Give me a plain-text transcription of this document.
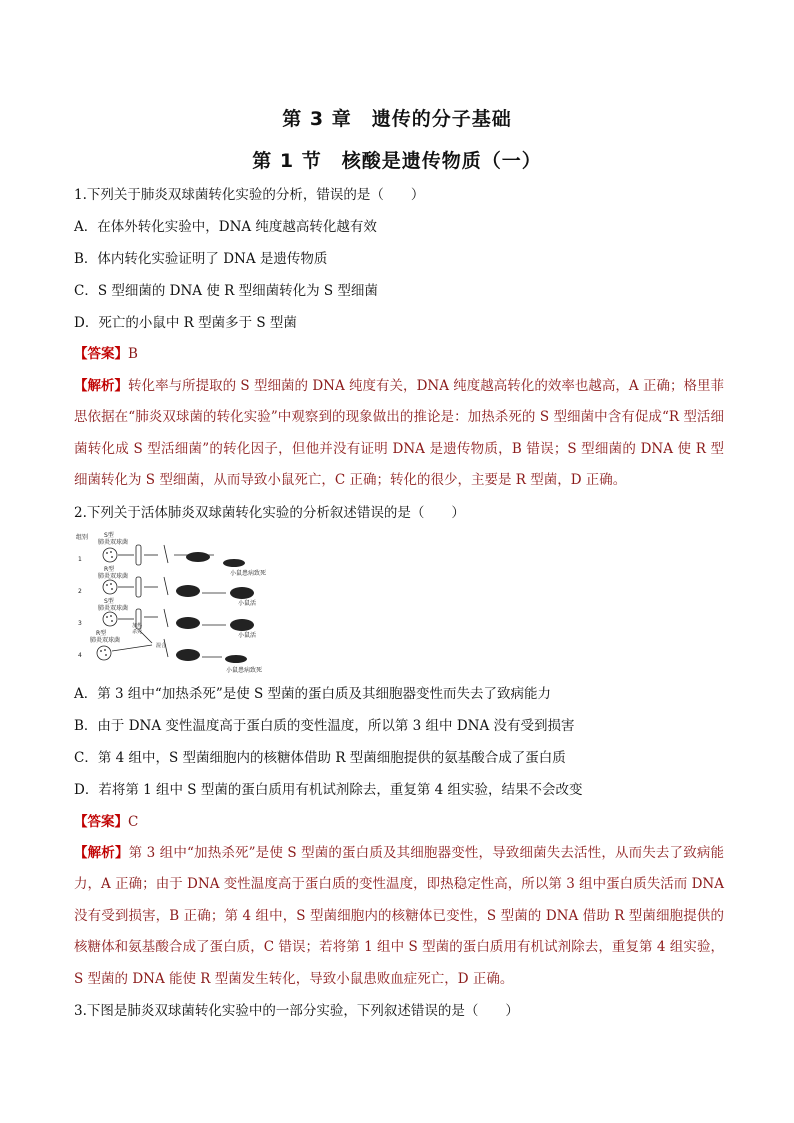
第 3 章　遗传的分子基础
第 1 节　核酸是遗传物质（一）
1.下列关于肺炎双球菌转化实验的分析，错误的是（　　）
A．在体外转化实验中，DNA 纯度越高转化越有效
B．体内转化实验证明了 DNA 是遗传物质
C．S 型细菌的 DNA 使 R 型细菌转化为 S 型细菌
D．死亡的小鼠中 R 型菌多于 S 型菌
【答案】B
【解析】转化率与所提取的 S 型细菌的 DNA 纯度有关，DNA 纯度越高转化的效率也越高，A 正确；格里菲思依据在“肺炎双球菌的转化实验”中观察到的现象做出的推论是：加热杀死的 S 型细菌中含有促成“R 型活细菌转化成 S 型活细菌”的转化因子，但他并没有证明 DNA 是遗传物质，B 错误；S 型细菌的 DNA 使 R 型细菌转化为 S 型细菌，从而导致小鼠死亡，C 正确；转化的很少，主要是 R 型菌，D 正确。
2.下列关于活体肺炎双球菌转化实验的分析叙述错误的是（　　）
组别
1
2
3
4
S型
肺炎双球菌
R型
肺炎双球菌
S型
肺炎双球菌
R型
肺炎双球菌
加热
杀死
混合
小鼠患病致死
小鼠活
小鼠活
小鼠患病致死
A．第 3 组中“加热杀死”是使 S 型菌的蛋白质及其细胞器变性而失去了致病能力
B．由于 DNA 变性温度高于蛋白质的变性温度，所以第 3 组中 DNA 没有受到损害
C．第 4 组中，S 型菌细胞内的核糖体借助 R 型菌细胞提供的氨基酸合成了蛋白质
D．若将第 1 组中 S 型菌的蛋白质用有机试剂除去，重复第 4 组实验，结果不会改变
【答案】C
【解析】第 3 组中“加热杀死”是使 S 型菌的蛋白质及其细胞器变性，导致细菌失去活性，从而失去了致病能力，A 正确；由于 DNA 变性温度高于蛋白质的变性温度，即热稳定性高，所以第 3 组中蛋白质失活而 DNA 没有受到损害，B 正确；第 4 组中，S 型菌细胞内的核糖体已变性，S 型菌的 DNA 借助 R 型菌细胞提供的核糖体和氨基酸合成了蛋白质，C 错误；若将第 1 组中 S 型菌的蛋白质用有机试剂除去，重复第 4 组实验，S 型菌的 DNA 能使 R 型菌发生转化，导致小鼠患败血症死亡，D 正确。
3.下图是肺炎双球菌转化实验中的一部分实验，下列叙述错误的是（　　）
